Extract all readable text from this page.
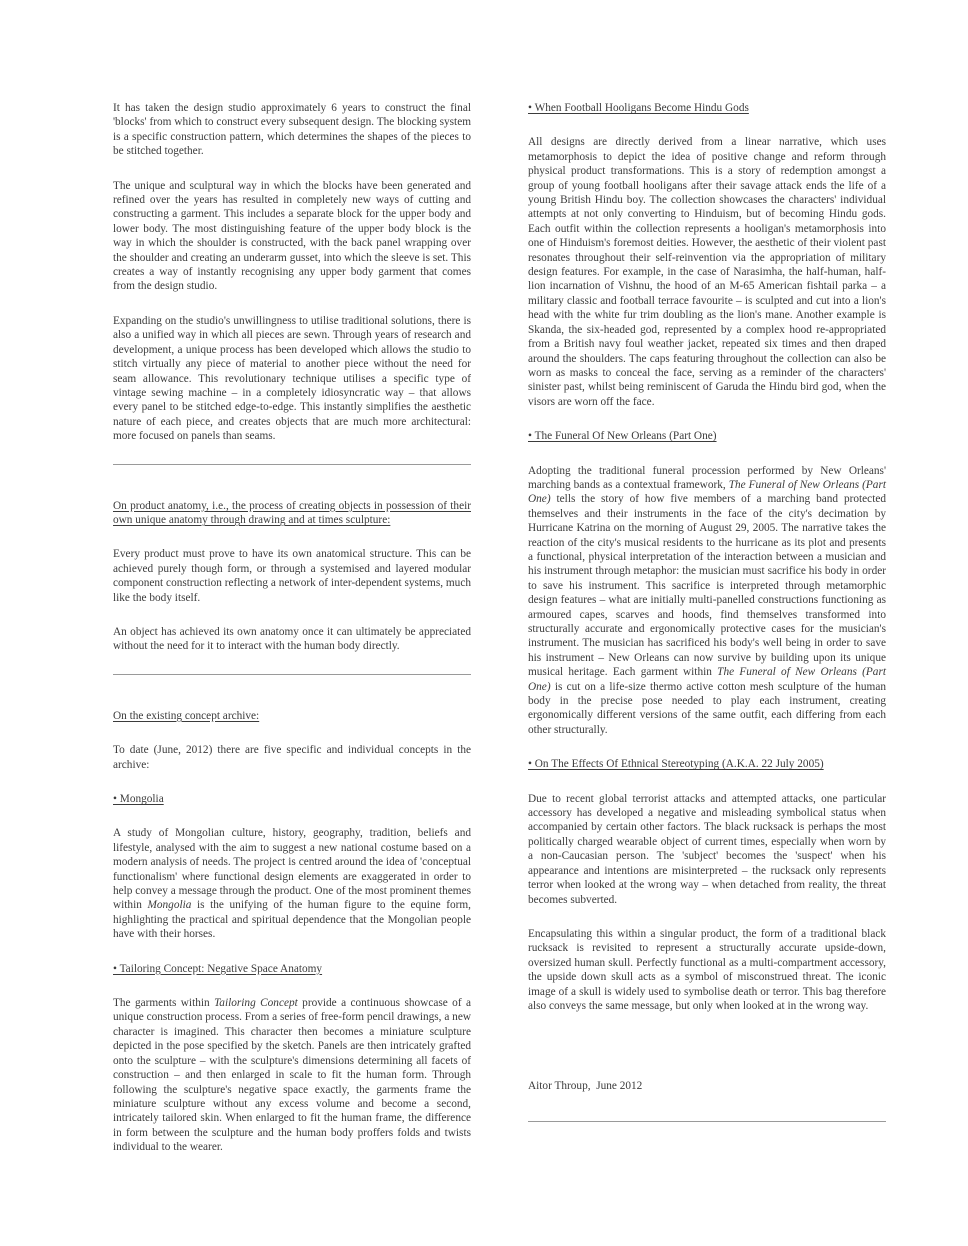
It has taken the design studio approximately 6 years to construct the final 'blocks' from which to construct every subsequent design. The blocking system is a specific construction pattern, which determines the shapes of the pieces to be stitched together.

The unique and sculptural way in which the blocks have been generated and refined over the years has resulted in completely new ways of cutting and constructing a garment. This includes a separate block for the upper body and lower body. The most distinguishing feature of the upper body block is the way in which the shoulder is constructed, with the back panel wrapping over the shoulder and creating an underarm gusset, into which the sleeve is set. This creates a way of instantly recognising any upper body garment that comes from the design studio.

Expanding on the studio's unwillingness to utilise traditional solutions, there is also a unified way in which all pieces are sewn. Through years of research and development, a unique process has been developed which allows the studio to stitch virtually any piece of material to another piece without the need for seam allowance. This revolutionary technique utilises a specific type of vintage sewing machine – in a completely idiosyncratic way – that allows every panel to be stitched edge-to-edge. This instantly simplifies the aesthetic nature of each piece, and creates objects that are much more architectural: more focused on panels than seams.

On product anatomy, i.e., the process of creating objects in possession of their own unique anatomy through drawing and at times sculpture:

Every product must prove to have its own anatomical structure. This can be achieved purely though form, or through a systemised and layered modular component construction reflecting a network of inter-dependent systems, much like the body itself.

An object has achieved its own anatomy once it can ultimately be appreciated without the need for it to interact with the human body directly.

On the existing concept archive:

To date (June, 2012) there are five specific and individual concepts in the archive:

• Mongolia

A study of Mongolian culture, history, geography, tradition, beliefs and lifestyle, analysed with the aim to suggest a new national costume based on a modern analysis of needs. The project is centred around the idea of 'conceptual functionalism' where functional design elements are exaggerated in order to help convey a message through the product. One of the most prominent themes within Mongolia is the unifying of the human figure to the equine form, highlighting the practical and spiritual dependence that the Mongolian people have with their horses.

• Tailoring Concept: Negative Space Anatomy

The garments within Tailoring Concept provide a continuous showcase of a unique construction process. From a series of free-form pencil drawings, a new character is imagined. This character then becomes a miniature sculpture depicted in the pose specified by the sketch. Panels are then intricately grafted onto the sculpture – with the sculpture's dimensions determining all facets of construction – and then enlarged in scale to fit the human form. Through following the sculpture's negative space exactly, the garments frame the miniature sculpture without any excess volume and become a second, intricately tailored skin. When enlarged to fit the human frame, the difference in form between the sculpture and the human body proffers folds and twists individual to the wearer.

• When Football Hooligans Become Hindu Gods

All designs are directly derived from a linear narrative, which uses metamorphosis to depict the idea of positive change and reform through physical product transformations. This is a story of redemption amongst a group of young football hooligans after their savage attack ends the life of a young British Hindu boy. The collection showcases the characters' individual attempts at not only converting to Hinduism, but of becoming Hindu gods. Each outfit within the collection represents a hooligan's metamorphosis into one of Hinduism's foremost deities. However, the aesthetic of their violent past resonates throughout their self-reinvention via the appropriation of military design features. For example, in the case of Narasimha, the half-human, half-lion incarnation of Vishnu, the hood of an M-65 American fishtail parka – a military classic and football terrace favourite – is sculpted and cut into a lion's head with the white fur trim doubling as the lion's mane. Another example is Skanda, the six-headed god, represented by a complex hood re-appropriated from a British navy foul weather jacket, repeated six times and then draped around the shoulders. The caps featuring throughout the collection can also be worn as masks to conceal the face, serving as a reminder of the characters' sinister past, whilst being reminiscent of Garuda the Hindu bird god, when the visors are worn off the face.

• The Funeral Of New Orleans (Part One)

Adopting the traditional funeral procession performed by New Orleans' marching bands as a contextual framework, The Funeral of New Orleans (Part One) tells the story of how five members of a marching band protected themselves and their instruments in the face of the city's decimation by Hurricane Katrina on the morning of August 29, 2005. The narrative takes the reaction of the city's musical residents to the hurricane as its plot and presents a functional, physical interpretation of the interaction between a musician and his instrument through metaphor: the musician must sacrifice his body in order to save his instrument. This sacrifice is interpreted through metamorphic design features – what are initially multi-panelled constructions functioning as armoured capes, scarves and hoods, find themselves transformed into structurally accurate and ergonomically protective cases for the musician's instrument. The musician has sacrificed his body's well being in order to save his instrument – New Orleans can now survive by building upon its unique musical heritage. Each garment within The Funeral of New Orleans (Part One) is cut on a life-size thermo active cotton mesh sculpture of the human body in the precise pose needed to play each instrument, creating ergonomically different versions of the same outfit, each differing from each other structurally.

• On The Effects Of Ethnical Stereotyping (A.K.A. 22 July 2005)

Due to recent global terrorist attacks and attempted attacks, one particular accessory has developed a negative and misleading symbolical status when accompanied by certain other factors. The black rucksack is perhaps the most politically charged wearable object of current times, especially when worn by a non-Caucasian person. The 'subject' becomes the 'suspect' when his appearance and intentions are misinterpreted – the rucksack only represents terror when looked at the wrong way – when detached from reality, the threat becomes subverted.

Encapsulating this within a singular product, the form of a traditional black rucksack is revisited to represent a structurally accurate upside-down, oversized human skull. Perfectly functional as a multi-compartment accessory, the upside down skull acts as a symbol of misconstrued threat. The iconic image of a skull is widely used to symbolise death or terror. This bag therefore also conveys the same message, but only when looked at in the wrong way.

Aitor Throup,  June 2012
